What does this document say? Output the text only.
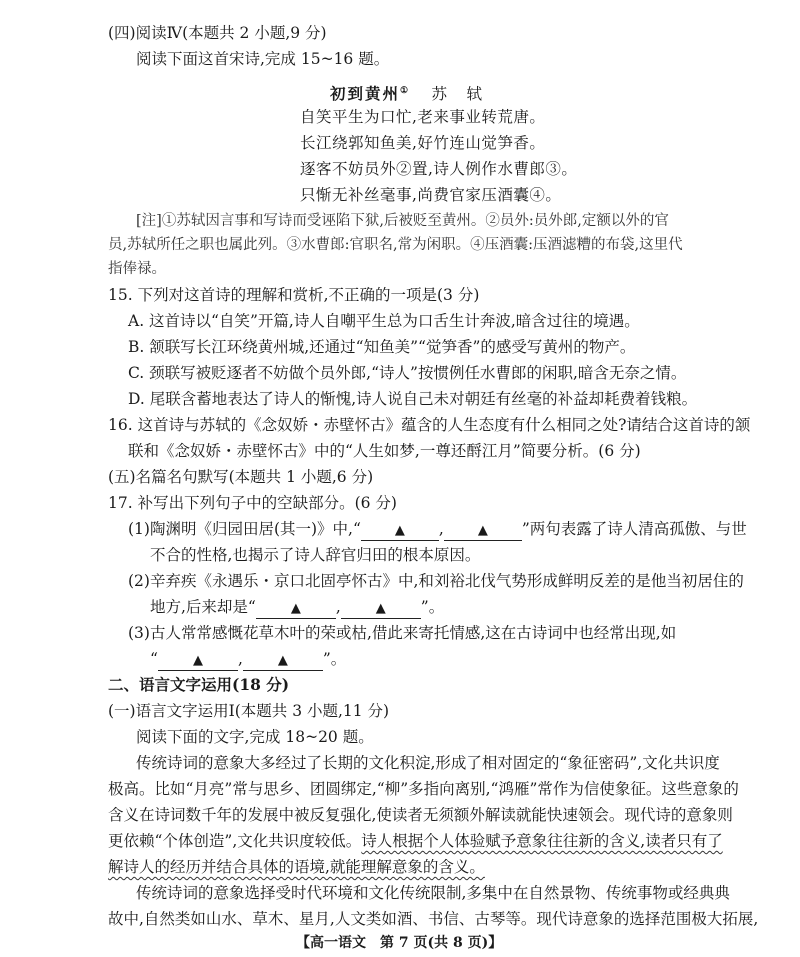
(四)阅读Ⅳ(本题共 2 小题,9 分)
阅读下面这首宋诗,完成 15~16 题。
初到黄州① 苏　轼
自笑平生为口忙,老来事业转荒唐。
长江绕郭知鱼美,好竹连山觉笋香。
逐客不妨员外②置,诗人例作水曹郎③。
只惭无补丝毫事,尚费官家压酒囊④。
[注]①苏轼因言事和写诗而受诬陷下狱,后被贬至黄州。②员外:员外郎,定额以外的官
员,苏轼所任之职也属此列。③水曹郎:官职名,常为闲职。④压酒囊:压酒滤糟的布袋,这里代
指俸禄。
15. 下列对这首诗的理解和赏析,不正确的一项是(3 分)
A. 这首诗以“自笑”开篇,诗人自嘲平生总为口舌生计奔波,暗含过往的境遇。
B. 颔联写长江环绕黄州城,还通过“知鱼美”“觉笋香”的感受写黄州的物产。
C. 颈联写被贬逐者不妨做个员外郎,“诗人”按惯例任水曹郎的闲职,暗含无奈之情。
D. 尾联含蓄地表达了诗人的惭愧,诗人说自己未对朝廷有丝毫的补益却耗费着钱粮。
16. 这首诗与苏轼的《念奴娇・赤壁怀古》蕴含的人生态度有什么相同之处?请结合这首诗的颔
联和《念奴娇・赤壁怀古》中的“人生如梦,一尊还酹江月”简要分析。(6 分)
(五)名篇名句默写(本题共 1 小题,6 分)
17. 补写出下列句子中的空缺部分。(6 分)
(1)陶渊明《归园田居(其一)》中,“	▲ ,	▲ ”两句表露了诗人清高孤傲、与世
不合的性格,也揭示了诗人辞官归田的根本原因。
(2)辛弃疾《永遇乐・京口北固亭怀古》中,和刘裕北伐气势形成鲜明反差的是他当初居住的
地方,后来却是“	▲ ,	▲ ”。
(3)古人常常感慨花草木叶的荣或枯,借此来寄托情感,这在古诗词中也经常出现,如
“	▲ ,	▲ ”。
二、语言文字运用(18 分)
(一)语言文字运用Ⅰ(本题共 3 小题,11 分)
阅读下面的文字,完成 18~20 题。
传统诗词的意象大多经过了长期的文化积淀,形成了相对固定的“象征密码”,文化共识度
极高。比如“月亮”常与思乡、团圆绑定,“柳”多指向离别,“鸿雁”常作为信使象征。这些意象的
含义在诗词数千年的发展中被反复强化,使读者无须额外解读就能快速领会。现代诗的意象则
更依赖“个体创造”,文化共识度较低。诗人根据个人体验赋予意象往往新的含义,读者只有了
解诗人的经历并结合具体的语境,就能理解意象的含义。
传统诗词的意象选择受时代环境和文化传统限制,多集中在自然景物、传统事物或经典典
故中,自然类如山水、草木、星月,人文类如酒、书信、古琴等。现代诗意象的选择范围极大拓展,
【高一语文　第 7 页(共 8 页)】
